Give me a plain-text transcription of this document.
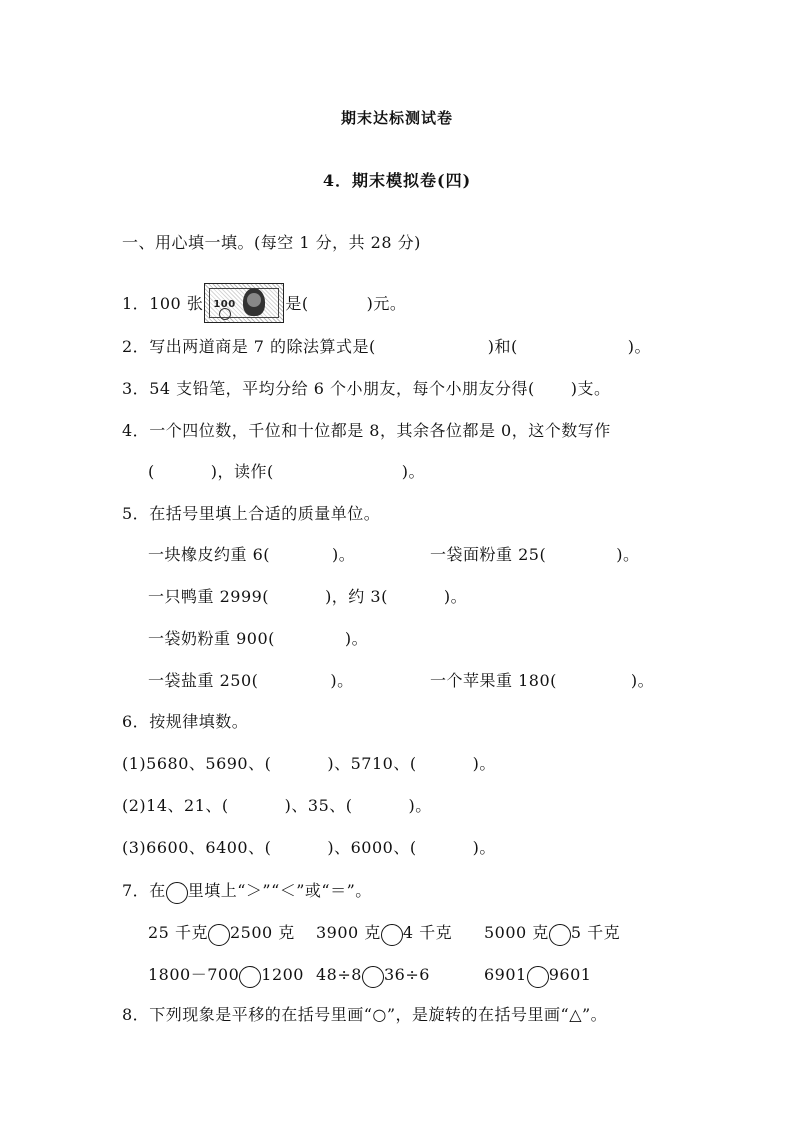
期末达标测试卷
4．期末模拟卷(四)
一、用心填一填。(每空 1 分，共 28 分)
1．100 张 100	是(	)元。
2．写出两道商是 7 的除法算式是(	)和(	)。
3．54 支铅笔，平均分给 6 个小朋友，每个小朋友分得( )支。
4．一个四位数，千位和十位都是 8，其余各位都是 0，这个数写作
(	)，读作(	)。
5．在括号里填上合适的质量单位。
一块橡皮约重 6(	)。	一袋面粉重 25(	)。
一只鸭重 2999(	)，约 3(	)。
一袋奶粉重 900(	)。
一袋盐重 250(	)。	一个苹果重 180(	)。
6．按规律填数。
(1)5680、5690、(	)、5710、(	)。
(2)14、21、(	)、35、(	)。
(3)6600、6400、(	)、6000、(	)。
7．在 里填上“＞”“＜”或“＝”。
25 千克 2500 克 3900 克 4 千克 5000 克 5 千克
1800－700 1200 48÷8 36÷6	6901 9601
8．下列现象是平移的在括号里画“○”，是旋转的在括号里画“△”。
